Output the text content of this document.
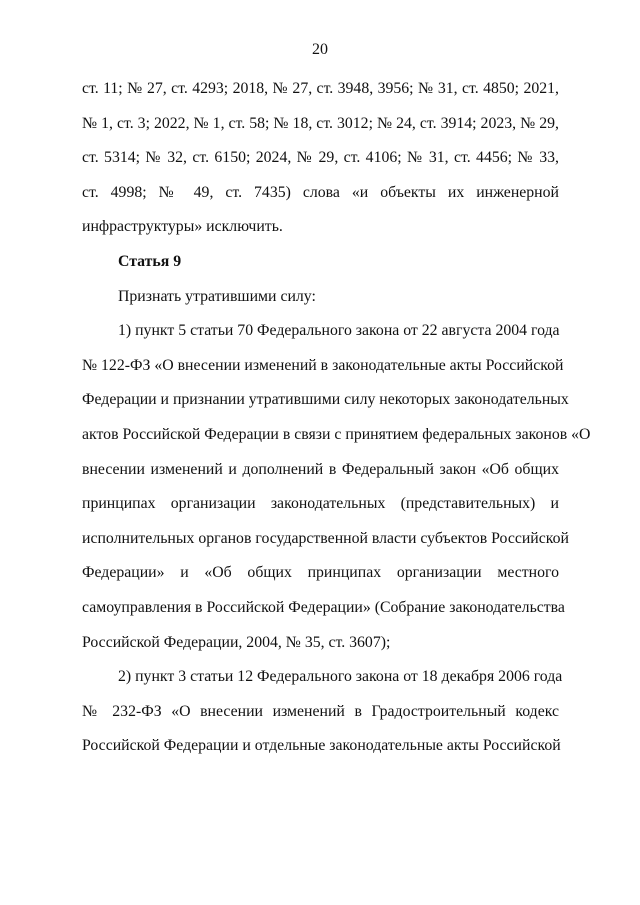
20
ст. 11; № 27, ст. 4293; 2018, № 27, ст. 3948, 3956; № 31, ст. 4850; 2021,
№ 1, ст. 3; 2022, № 1, ст. 58; № 18, ст. 3012; № 24, ст. 3914; 2023, № 29,
ст. 5314; № 32, ст. 6150; 2024, № 29, ст. 4106; № 31, ст. 4456; № 33,
ст. 4998; № 49, ст. 7435) слова «и объекты их инженерной
инфраструктуры» исключить.
Статья 9
Признать утратившими силу:
1) пункт 5 статьи 70 Федерального закона от 22 августа 2004 года
№ 122-ФЗ «О внесении изменений в законодательные акты Российской
Федерации и признании утратившими силу некоторых законодательных
актов Российской Федерации в связи с принятием федеральных законов «О
внесении изменений и дополнений в Федеральный закон «Об общих
принципах организации законодательных (представительных) и
исполнительных органов государственной власти субъектов Российской
Федерации» и «Об общих принципах организации местного
самоуправления в Российской Федерации» (Собрание законодательства
Российской Федерации, 2004, № 35, ст. 3607);
2) пункт 3 статьи 12 Федерального закона от 18 декабря 2006 года
№ 232-ФЗ «О внесении изменений в Градостроительный кодекс
Российской Федерации и отдельные законодательные акты Российской
